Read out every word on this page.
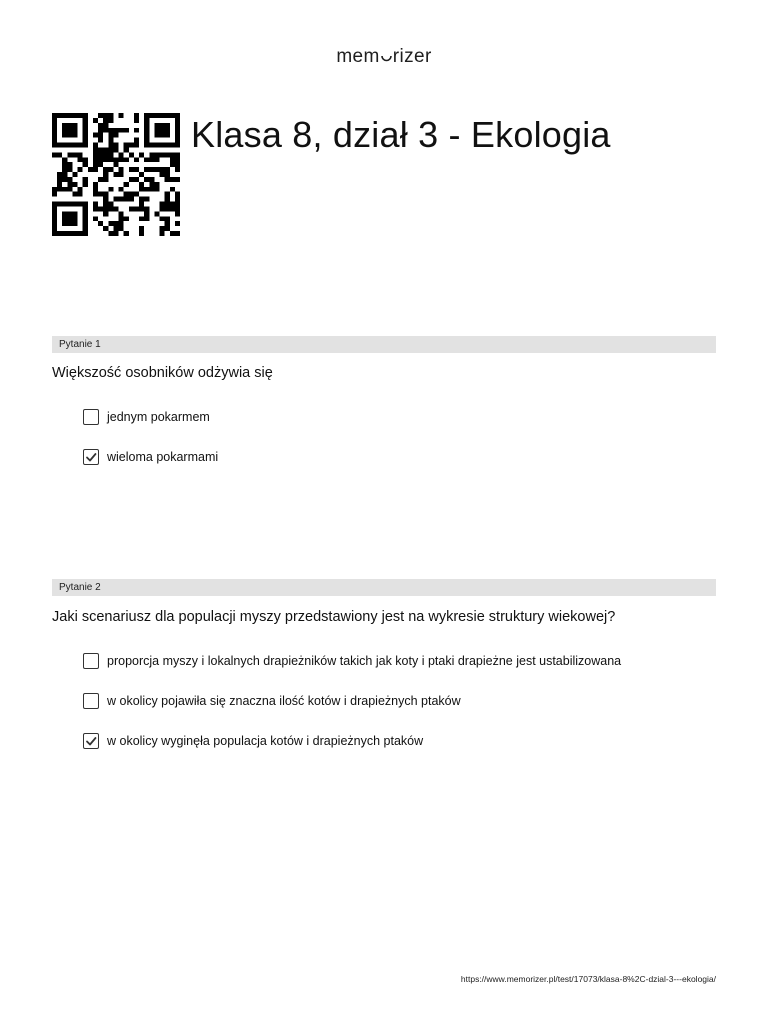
mem rizer
Klasa 8, dział 3 - Ekologia
Pytanie 1
Większość osobników odżywia się
jednym pokarmem
wieloma pokarmami
Pytanie 2
Jaki scenariusz dla populacji myszy przedstawiony jest na wykresie struktury wiekowej?
proporcja myszy i lokalnych drapieżników takich jak koty i ptaki drapieżne jest ustabilizowana
w okolicy pojawiła się znaczna ilość kotów i drapieżnych ptaków
w okolicy wyginęła populacja kotów i drapieżnych ptaków
https://www.memorizer.pl/test/17073/klasa-8%2C-dzial-3---ekologia/
